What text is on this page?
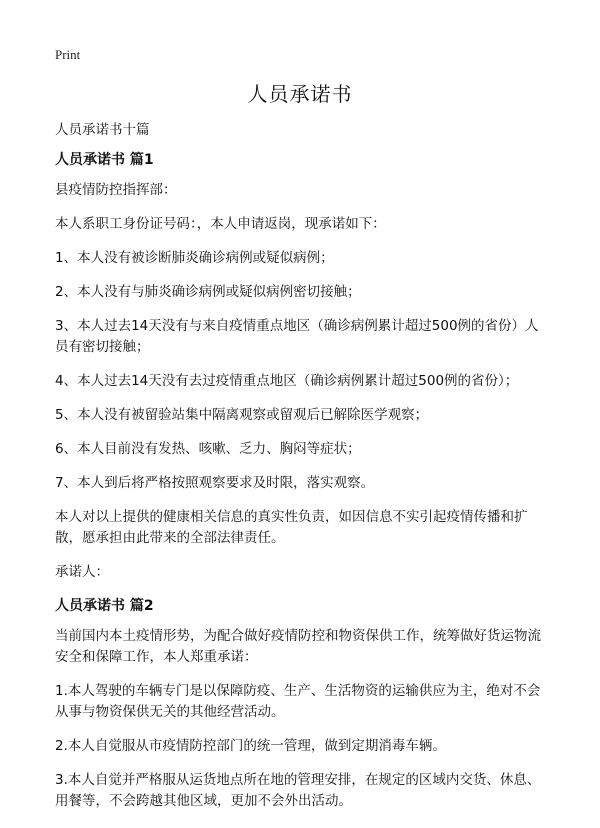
Print
人员承诺书

人员承诺书十篇

人员承诺书 篇1

县疫情防控指挥部：

本人系职工身份证号码：，本人申请返岗，现承诺如下：

1、本人没有被诊断肺炎确诊病例或疑似病例；

2、本人没有与肺炎确诊病例或疑似病例密切接触；

3、本人过去14天没有与来自疫情重点地区（确诊病例累计超过500例的省份）人员有密切接触；

4、本人过去14天没有去过疫情重点地区（确诊病例累计超过500例的省份）；

5、本人没有被留验站集中隔离观察或留观后已解除医学观察；

6、本人目前没有发热、咳嗽、乏力、胸闷等症状；

7、本人到后将严格按照观察要求及时限，落实观察。

本人对以上提供的健康相关信息的真实性负责，如因信息不实引起疫情传播和扩散，愿承担由此带来的全部法律责任。

承诺人：

人员承诺书 篇2

当前国内本土疫情形势，为配合做好疫情防控和物资保供工作，统筹做好货运物流安全和保障工作，本人郑重承诺：

1.本人驾驶的车辆专门是以保障防疫、生产、生活物资的运输供应为主，绝对不会从事与物资保供无关的其他经营活动。

2.本人自觉服从市疫情防控部门的统一管理，做到定期消毒车辆。

3.本人自觉并严格服从运货地点所在地的管理安排，在规定的区域内交货、休息、用餐等，不会跨越其他区域，更加不会外出活动。
